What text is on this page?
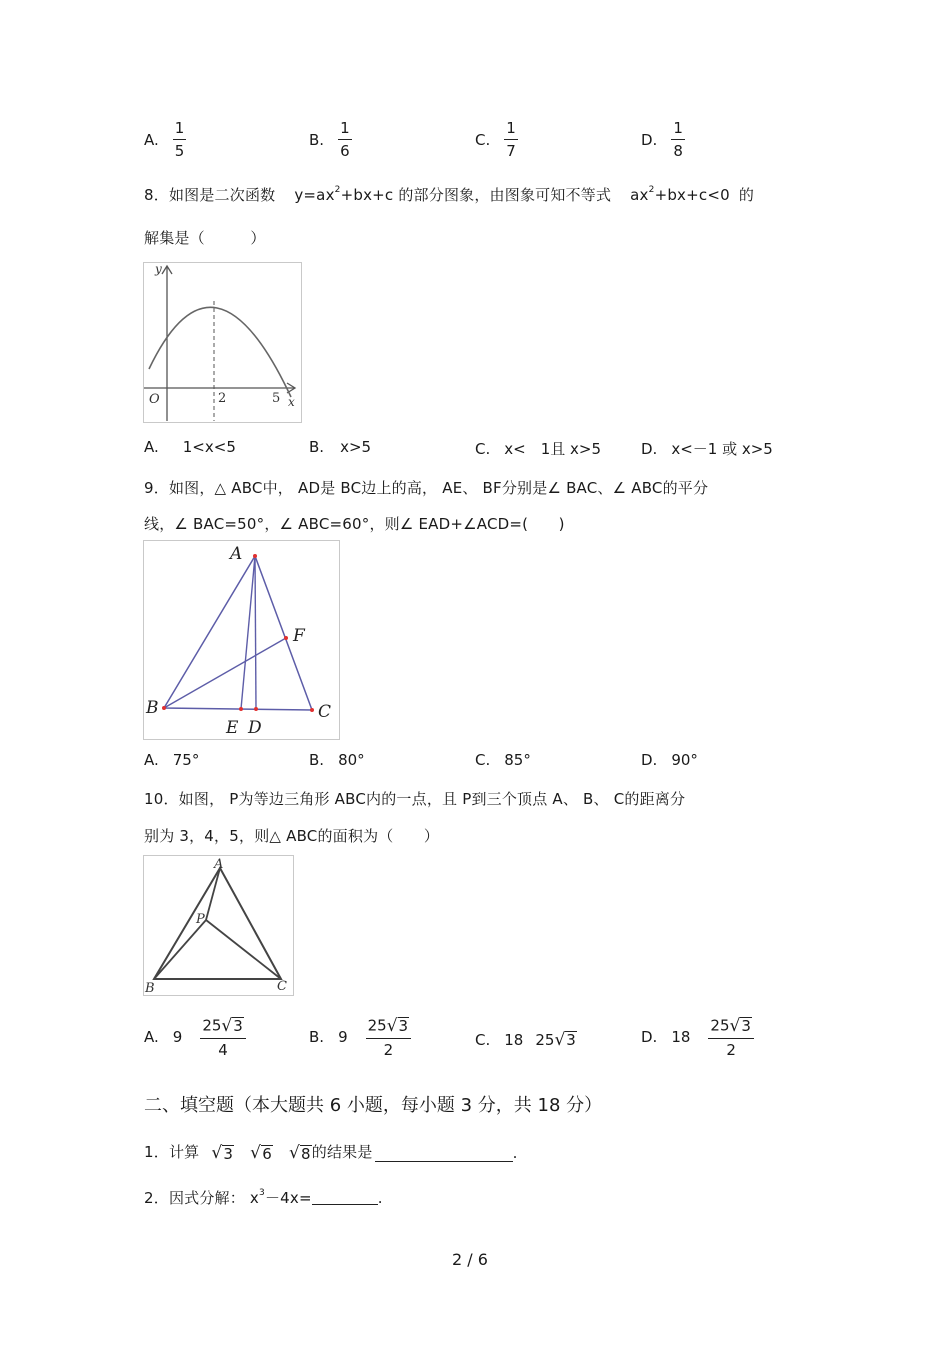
A. $\frac{1}{5}$	B. $\frac{1}{6}$	C. $\frac{1}{7}$	D. $\frac{1}{8}$
8．如图是二次函数 $y=ax^2+bx+c$ 的部分图象，由图象可知不等式 $ax^2+bx+c<0$ 的
解集是（　　　）
y
O	2	5 x
A. 1<x<5	B. x>5	C. x<　1且 x>5	D. x<－1 或 x>5
9．如图，△ ABC中， AD是 BC边上的高， AE、 BF分别是∠ BAC、∠ ABC的平分
线，∠ BAC=50°，∠ ABC=60°，则∠ EAD+∠ACD=(　　)
A
B	C
E D
F
A. 75°	B. 80°	C. 85°	D. 90°
10．如图， P为等边三角形 ABC内的一点，且 P到三个顶点 A、 B、 C的距离分
别为 3，4，5，则△ ABC的面积为（　　）
A
B	C
P
A. $9 \frac{25 √ 3}{4}$	B. $9 \frac{25 √ 3}{2}$	C. 18 25 √ 3	D. $18 \frac{25 √ 3}{2}$
二、填空题（本大题共 6 小题，每小题 3 分，共 18 分）
1．计算 √ 3 √ 6 √ 8 的结果是	.
2．因式分解： $x^3-4x=$	.
2 / 6
